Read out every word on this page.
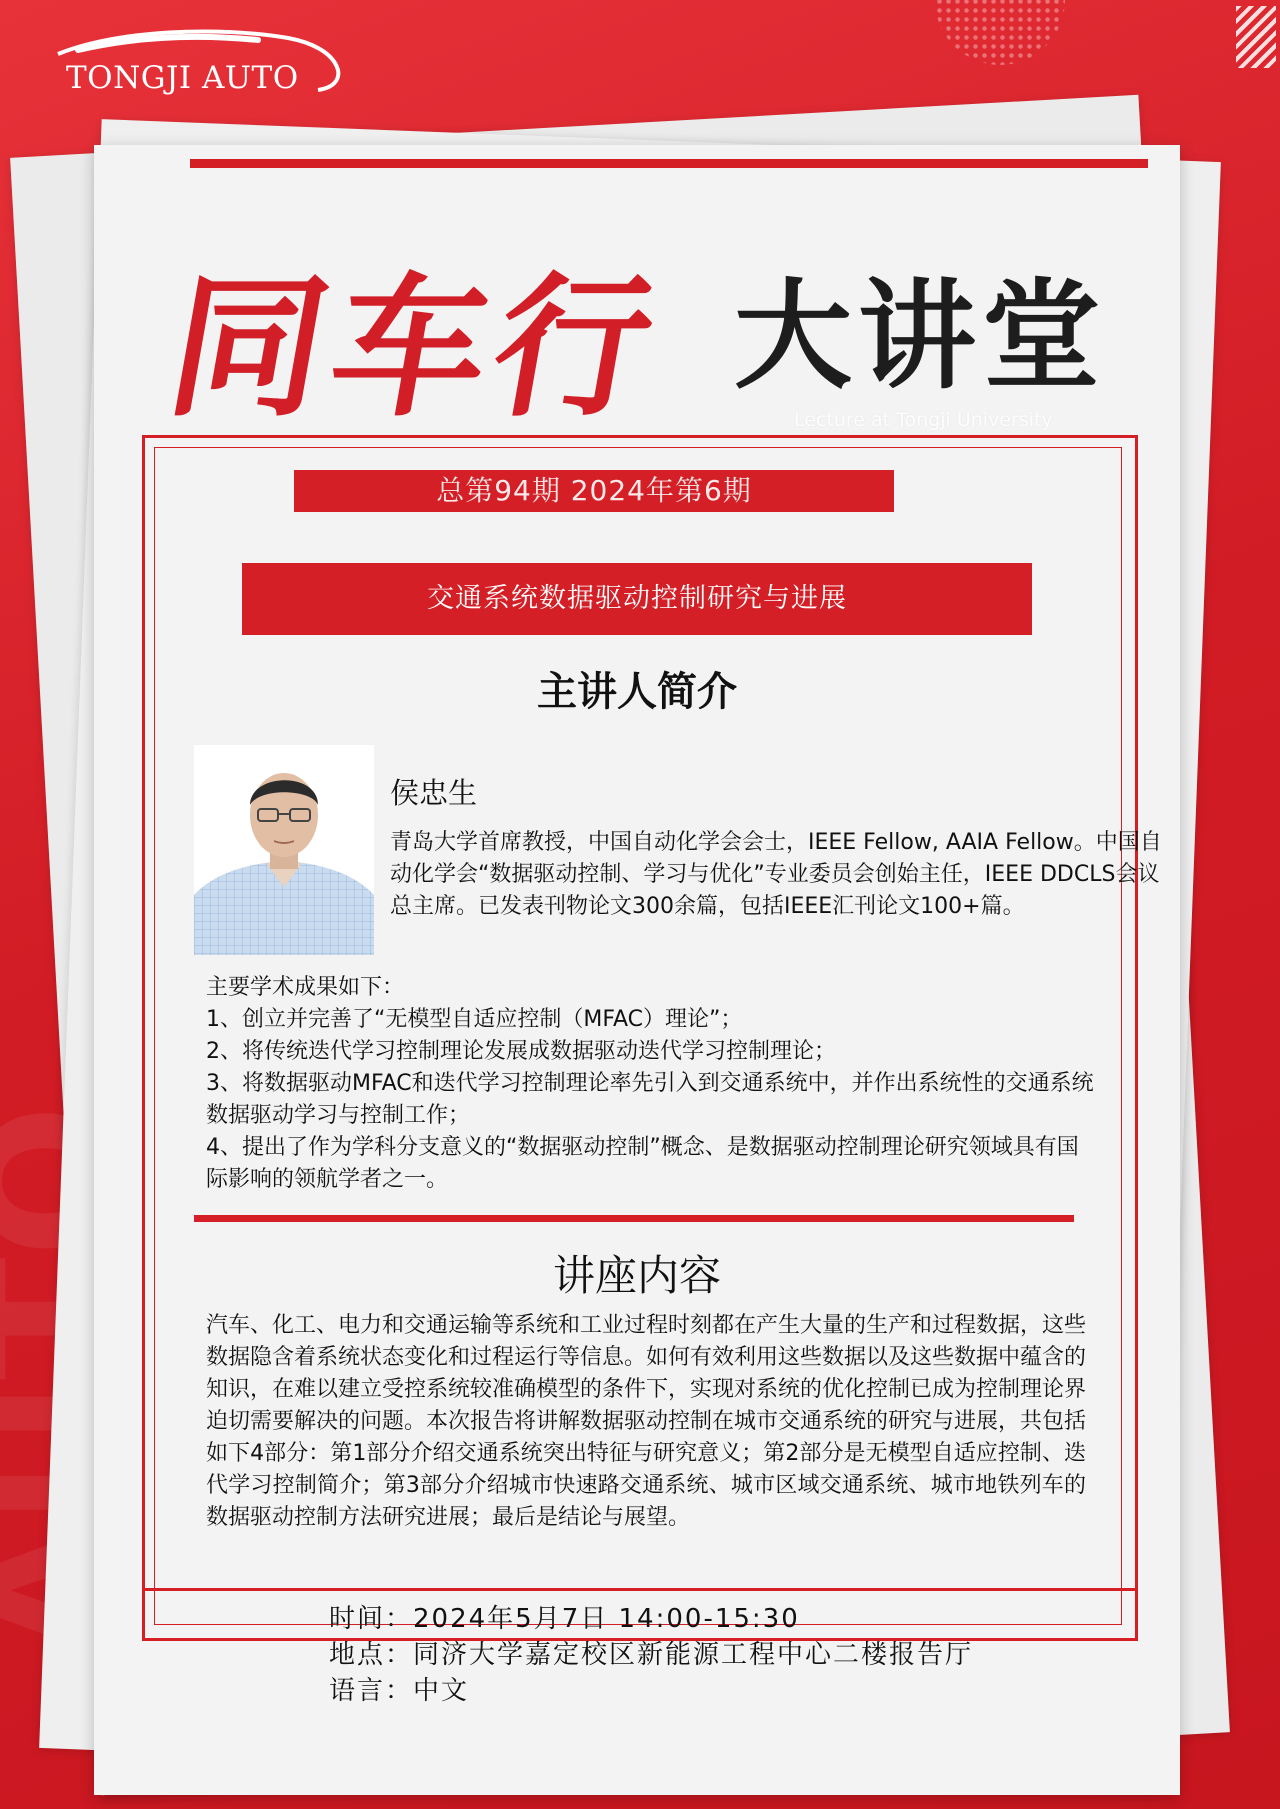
TONGJI AUTO
同车行 大讲堂
Lecture at Tongji University
总第94期 2024年第6期
交通系统数据驱动控制研究与进展
主讲人简介
侯忠生

青岛大学首席教授，中国自动化学会会士，IEEE Fellow, AAIA Fellow。中国自动化学会“数据驱动控制、学习与优化”专业委员会创始主任，IEEE DDCLS会议总主席。已发表刊物论文300余篇，包括IEEE汇刊论文100+篇。

主要学术成果如下：
1、创立并完善了“无模型自适应控制（MFAC）理论”；
2、将传统迭代学习控制理论发展成数据驱动迭代学习控制理论；
3、将数据驱动MFAC和迭代学习控制理论率先引入到交通系统中，并作出系统性的交通系统数据驱动学习与控制工作；
4、提出了作为学科分支意义的“数据驱动控制”概念、是数据驱动控制理论研究领域具有国际影响的领航学者之一。
讲座内容

汽车、化工、电力和交通运输等系统和工业过程时刻都在产生大量的生产和过程数据，这些数据隐含着系统状态变化和过程运行等信息。如何有效利用这些数据以及这些数据中蕴含的知识，在难以建立受控系统较准确模型的条件下，实现对系统的优化控制已成为控制理论界迫切需要解决的问题。本次报告将讲解数据驱动控制在城市交通系统的研究与进展，共包括如下4部分：第1部分介绍交通系统突出特征与研究意义；第2部分是无模型自适应控制、迭代学习控制简介；第3部分介绍城市快速路交通系统、城市区域交通系统、城市地铁列车的数据驱动控制方法研究进展；最后是结论与展望。

时间：2024年5月7日 14:00-15:30
地点：同济大学嘉定校区新能源工程中心二楼报告厅
语言：中文
